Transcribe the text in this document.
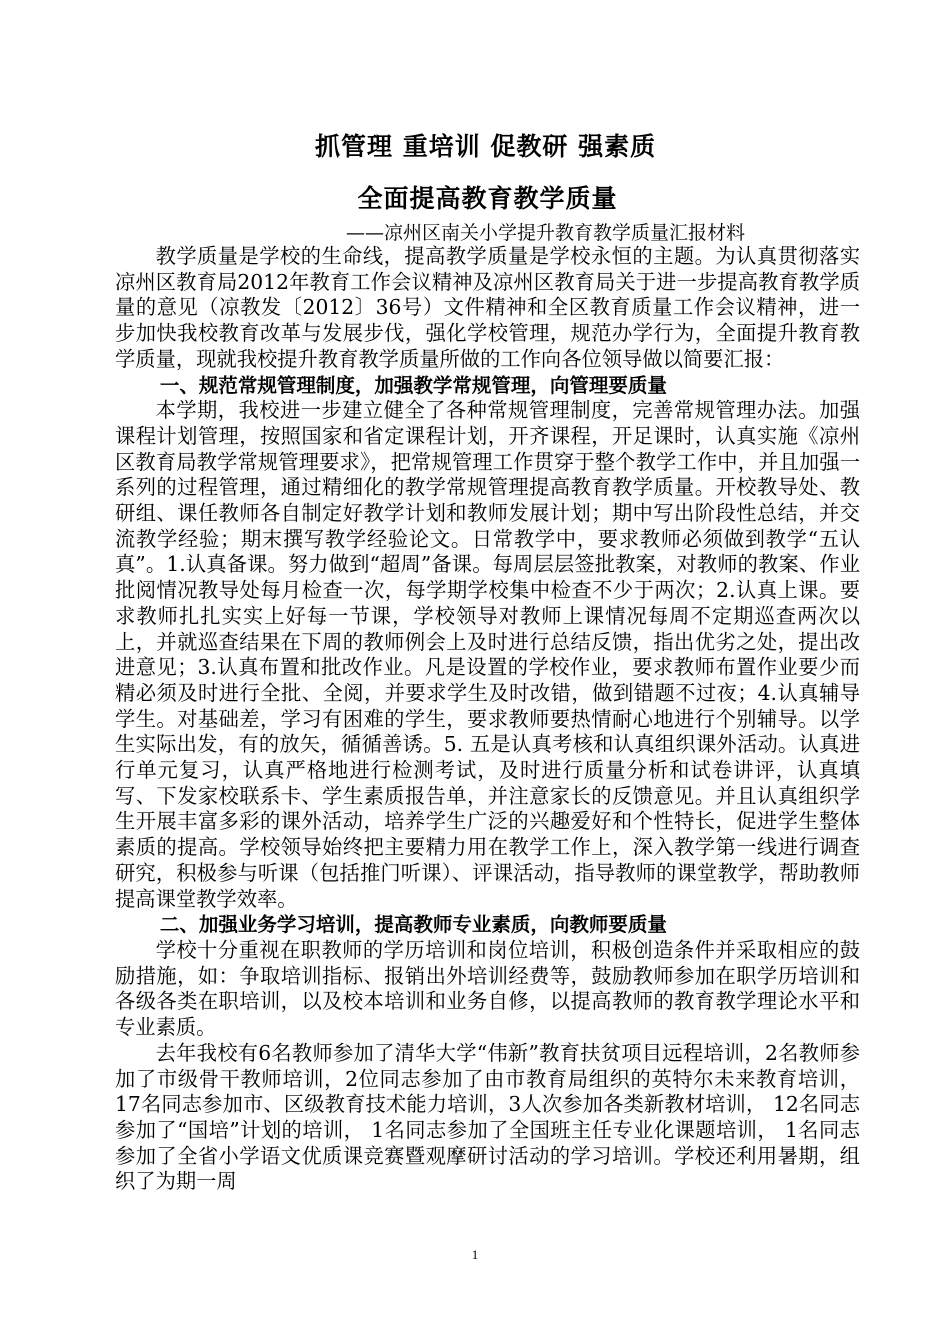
抓管理 重培训 促教研 强素质
全面提高教育教学质量

——凉州区南关小学提升教育教学质量汇报材料

教学质量是学校的生命线，提高教学质量是学校永恒的主题。为认真贯彻落实凉州区教育局2012年教育工作会议精神及凉州区教育局关于进一步提高教育教学质量的意见（凉教发〔2012〕36号）文件精神和全区教育质量工作会议精神，进一步加快我校教育改革与发展步伐，强化学校管理，规范办学行为，全面提升教育教学质量，现就我校提升教育教学质量所做的工作向各位领导做以简要汇报：

一、规范常规管理制度，加强教学常规管理，向管理要质量

本学期，我校进一步建立健全了各种常规管理制度，完善常规管理办法。加强课程计划管理，按照国家和省定课程计划，开齐课程，开足课时，认真实施《凉州区教育局教学常规管理要求》，把常规管理工作贯穿于整个教学工作中，并且加强一系列的过程管理，通过精细化的教学常规管理提高教育教学质量。开校教导处、教研组、课任教师各自制定好教学计划和教师发展计划；期中写出阶段性总结，并交流教学经验；期末撰写教学经验论文。日常教学中，要求教师必须做到教学“五认真”。1.认真备课。努力做到“超周”备课。每周层层签批教案，对教师的教案、作业批阅情况教导处每月检查一次，每学期学校集中检查不少于两次；2.认真上课。要求教师扎扎实实上好每一节课，学校领导对教师上课情况每周不定期巡查两次以上，并就巡查结果在下周的教师例会上及时进行总结反馈，指出优劣之处，提出改进意见；3.认真布置和批改作业。凡是设置的学校作业，要求教师布置作业要少而精必须及时进行全批、全阅，并要求学生及时改错，做到错题不过夜；4.认真辅导学生。对基础差，学习有困难的学生，要求教师要热情耐心地进行个别辅导。以学生实际出发，有的放矢，循循善诱。5. 五是认真考核和认真组织课外活动。认真进行单元复习，认真严格地进行检测考试，及时进行质量分析和试卷讲评，认真填写、下发家校联系卡、学生素质报告单，并注意家长的反馈意见。并且认真组织学生开展丰富多彩的课外活动，培养学生广泛的兴趣爱好和个性特长，促进学生整体素质的提高。学校领导始终把主要精力用在教学工作上，深入教学第一线进行调查研究，积极参与听课（包括推门听课）、评课活动，指导教师的课堂教学，帮助教师提高课堂教学效率。

二、加强业务学习培训，提高教师专业素质，向教师要质量

学校十分重视在职教师的学历培训和岗位培训，积极创造条件并采取相应的鼓励措施，如：争取培训指标、报销出外培训经费等，鼓励教师参加在职学历培训和各级各类在职培训，以及校本培训和业务自修，以提高教师的教育教学理论水平和专业素质。

去年我校有6名教师参加了清华大学“伟新”教育扶贫项目远程培训，2名教师参加了市级骨干教师培训，2位同志参加了由市教育局组织的英特尔未来教育培训，17名同志参加市、区级教育技术能力培训，3人次参加各类新教材培训， 12名同志参加了“国培”计划的培训， 1名同志参加了全国班主任专业化课题培训， 1名同志参加了全省小学语文优质课竞赛暨观摩研讨活动的学习培训。学校还利用暑期，组织了为期一周

1
